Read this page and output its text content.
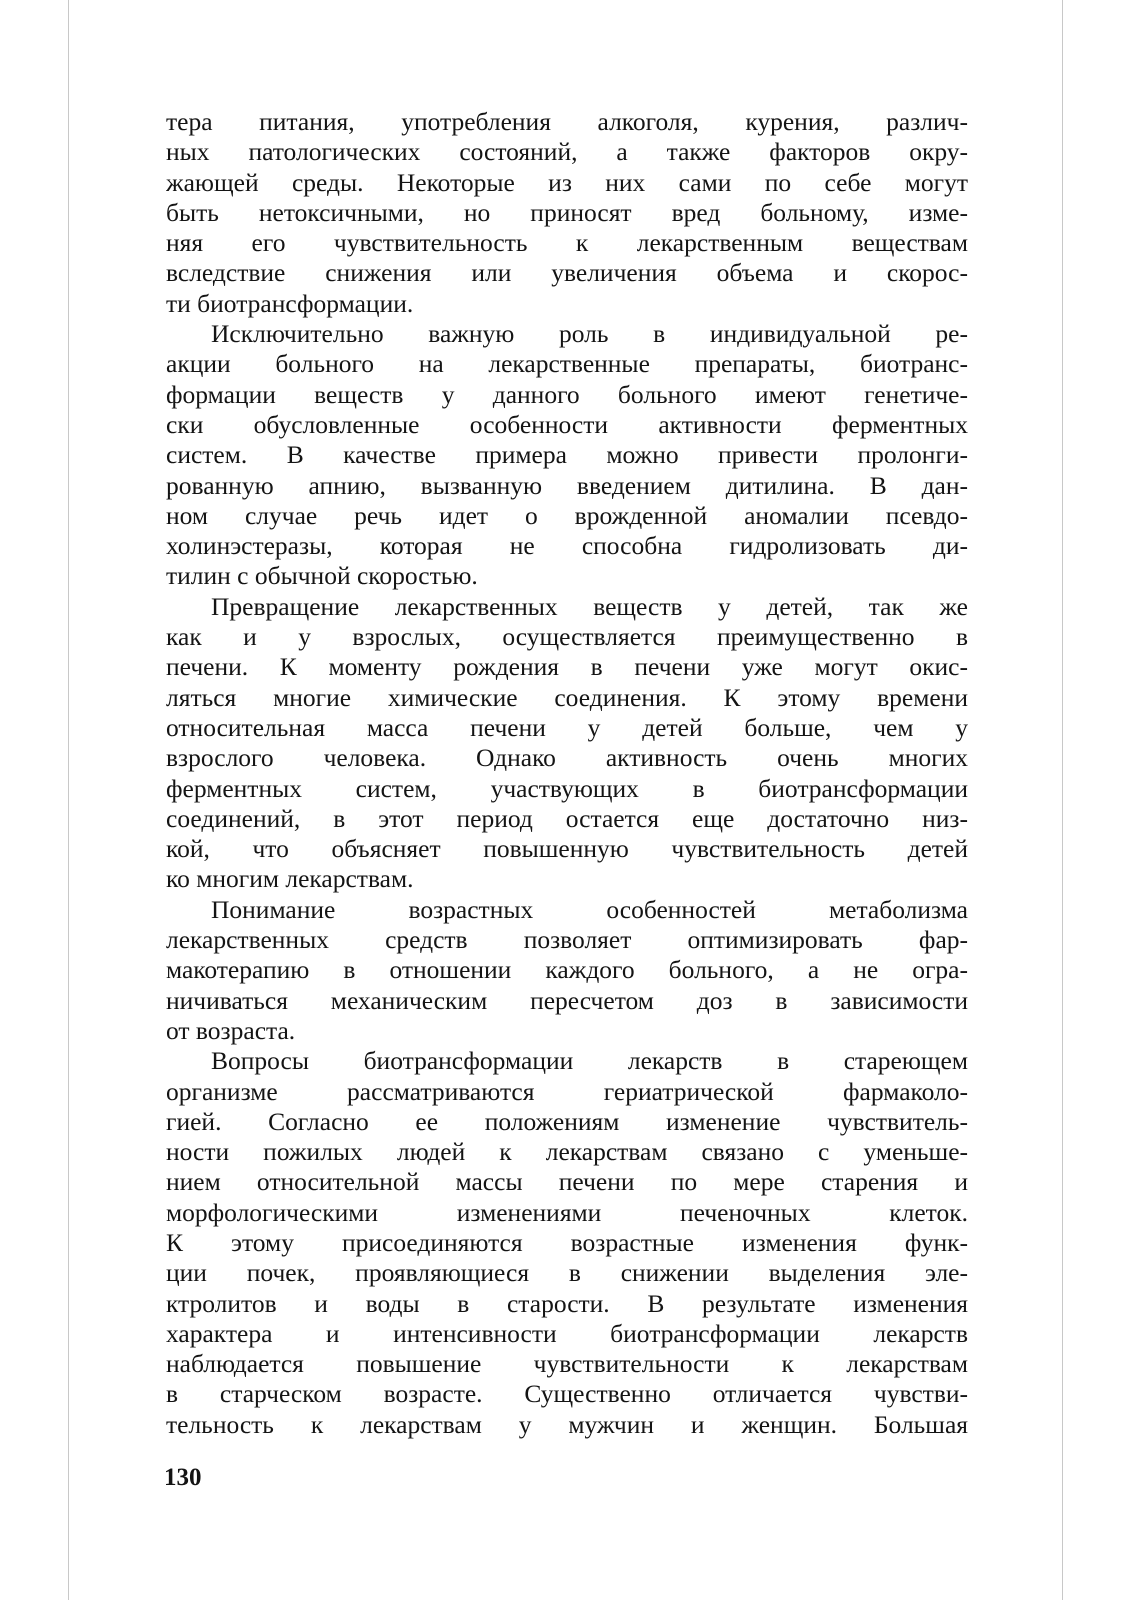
тера питания, употребления алкоголя, курения, различ-
ных патологических состояний, а также факторов окру-
жающей среды. Некоторые из них сами по себе могут
быть нетоксичными, но приносят вред больному, изме-
няя его чувствительность к лекарственным веществам
вследствие снижения или увеличения объема и скорос-
ти биотрансформации.
Исключительно важную роль в индивидуальной ре-
акции больного на лекарственные препараты, биотранс-
формации веществ у данного больного имеют генетиче-
ски обусловленные особенности активности ферментных
систем. В качестве примера можно привести пролонги-
рованную апнию, вызванную введением дитилина. В дан-
ном случае речь идет о врожденной аномалии псевдо-
холинэстеразы, которая не способна гидролизовать ди-
тилин с обычной скоростью.
Превращение лекарственных веществ у детей, так же
как и у взрослых, осуществляется преимущественно в
печени. К моменту рождения в печени уже могут окис-
ляться многие химические соединения. К этому времени
относительная масса печени у детей больше, чем у
взрослого человека. Однако активность очень многих
ферментных систем, участвующих в биотрансформации
соединений, в этот период остается еще достаточно низ-
кой, что объясняет повышенную чувствительность детей
ко многим лекарствам.
Понимание возрастных особенностей метаболизма
лекарственных средств позволяет оптимизировать фар-
макотерапию в отношении каждого больного, а не огра-
ничиваться механическим пересчетом доз в зависимости
от возраста.
Вопросы биотрансформации лекарств в стареющем
организме рассматриваются гериатрической фармаколо-
гией. Согласно ее положениям изменение чувствитель-
ности пожилых людей к лекарствам связано с уменьше-
нием относительной массы печени по мере старения и
морфологическими изменениями печеночных клеток.
К этому присоединяются возрастные изменения функ-
ции почек, проявляющиеся в снижении выделения эле-
ктролитов и воды в старости. В результате изменения
характера и интенсивности биотрансформации лекарств
наблюдается повышение чувствительности к лекарствам
в старческом возрасте. Существенно отличается чувстви-
тельность к лекарствам у мужчин и женщин. Большая
130
